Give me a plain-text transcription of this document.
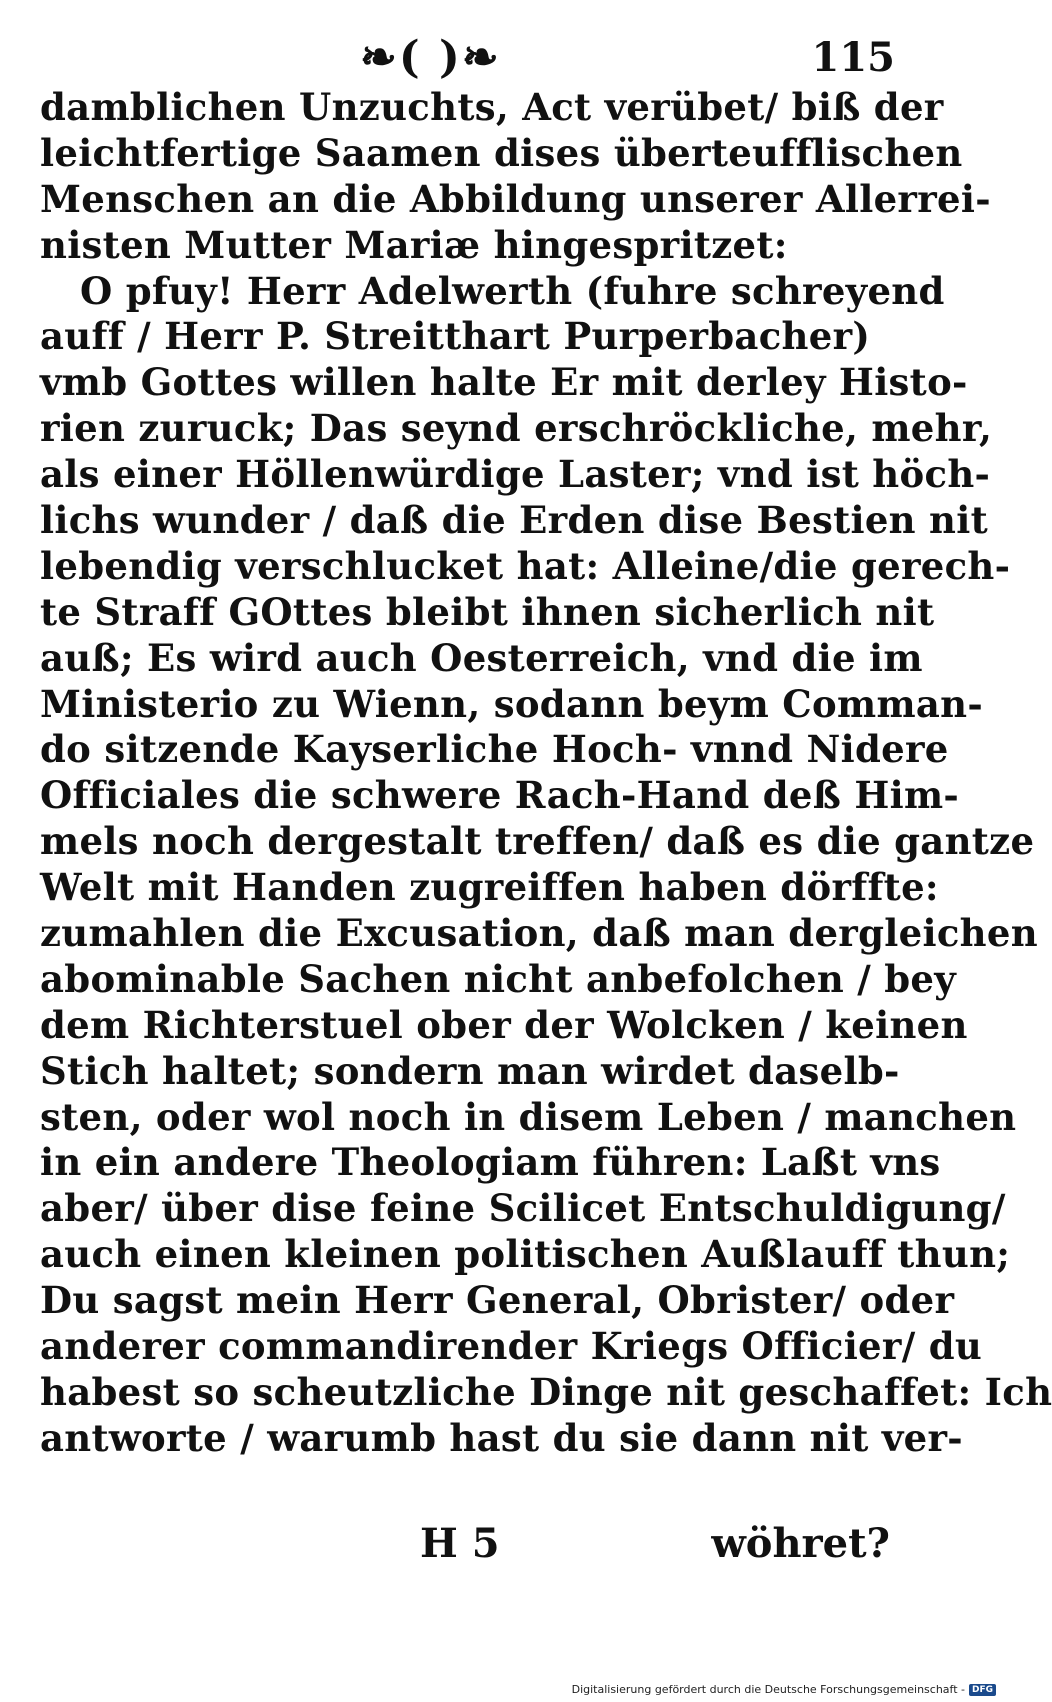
❧( )❧	115
damblichen Unzuchts, Act verübet/ biß der
leichtfertige Saamen dises überteufflischen
Menschen an die Abbildung unserer Allerrei-
nisten Mutter Mariæ hingespritzet:
O pfuy! Herr Adelwerth (fuhre schreyend
auff / Herr P. Streitthart Purperbacher)
vmb Gottes willen halte Er mit derley Histo-
rien zuruck; Das seynd erschröckliche, mehr,
als einer Höllenwürdige Laster; vnd ist höch-
lichs wunder / daß die Erden dise Bestien nit
lebendig verschlucket hat: Alleine/die gerech-
te Straff GOttes bleibt ihnen sicherlich nit
auß; Es wird auch Oesterreich, vnd die im
Ministerio zu Wienn, sodann beym Comman-
do sitzende Kayserliche Hoch- vnnd Nidere
Officiales die schwere Rach-Hand deß Him-
mels noch dergestalt treffen/ daß es die gantze
Welt mit Handen zugreiffen haben dörffte:
zumahlen die Excusation, daß man dergleichen
abominable Sachen nicht anbefolchen / bey
dem Richterstuel ober der Wolcken / keinen
Stich haltet; sondern man wirdet daselb-
sten, oder wol noch in disem Leben / manchen
in ein andere Theologiam führen: Laßt vns
aber/ über dise feine Scilicet Entschuldigung/
auch einen kleinen politischen Außlauff thun;
Du sagst mein Herr General, Obrister/ oder
anderer commandirender Kriegs Officier/ du
habest so scheutzliche Dinge nit geschaffet: Ich
antworte / warumb hast du sie dann nit ver-
H 5	wöhret?
Digitalisierung gefördert durch die Deutsche Forschungsgemeinschaft - DFG
